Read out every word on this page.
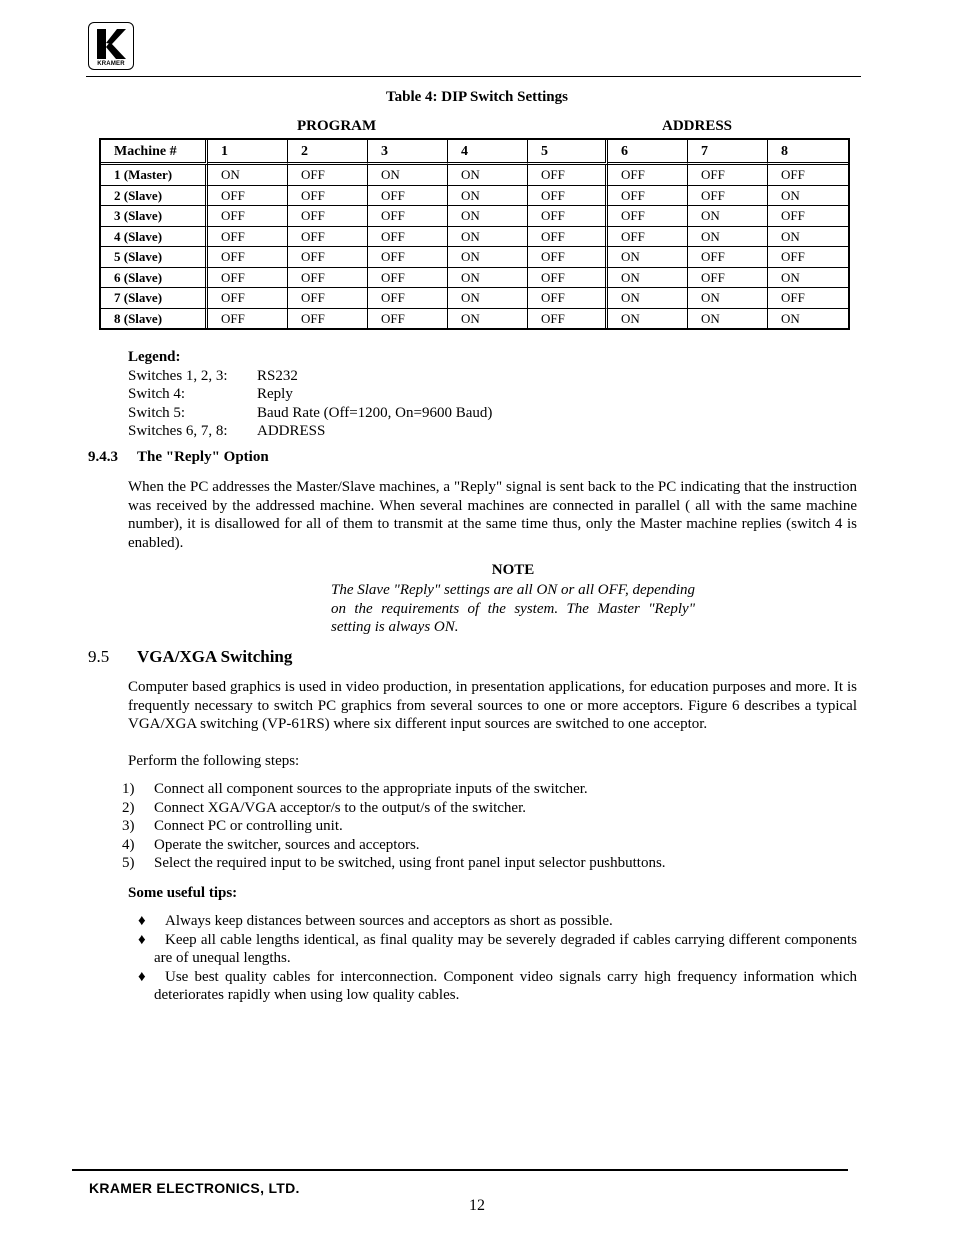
KRAMER
Table 4: DIP Switch Settings
PROGRAM	ADDRESS
Machine #	1	2	3	4	5	6	7	8
1 (Master)	ON	OFF	ON	ON	OFF	OFF	OFF	OFF
2 (Slave)	OFF	OFF	OFF	ON	OFF	OFF	OFF	ON
3 (Slave)	OFF	OFF	OFF	ON	OFF	OFF	ON	OFF
4 (Slave)	OFF	OFF	OFF	ON	OFF	OFF	ON	ON
5 (Slave)	OFF	OFF	OFF	ON	OFF	ON	OFF	OFF
6 (Slave)	OFF	OFF	OFF	ON	OFF	ON	OFF	ON
7 (Slave)	OFF	OFF	OFF	ON	OFF	ON	ON	OFF
8 (Slave)	OFF	OFF	OFF	ON	OFF	ON	ON	ON
Legend:
Switches 1, 2, 3:	RS232
Switch 4:	Reply
Switch 5:	Baud Rate (Off=1200, On=9600 Baud)
Switches 6, 7, 8:	ADDRESS
9.4.3 The "Reply" Option
When the PC addresses the Master/Slave machines, a "Reply" signal is sent back to the PC indicating that the instruction was received by the addressed machine. When several machines are connected in parallel ( all with the same machine number), it is disallowed for all of them to transmit at the same time thus, only the Master machine replies (switch 4 is enabled).
NOTE
The Slave "Reply" settings are all ON or all OFF, depending on the requirements of the system. The Master "Reply" setting is always ON.
9.5 VGA/XGA Switching
Computer based graphics is used in video production, in presentation applications, for education purposes and more. It is frequently necessary to switch PC graphics from several sources to one or more acceptors. Figure 6 describes a typical VGA/XGA switching (VP-61RS) where six different input sources are switched to one acceptor.
Perform the following steps:
1)	Connect all component sources to the appropriate inputs of the switcher.
2)	Connect XGA/VGA acceptor/s to the output/s of the switcher.
3)	Connect PC or controlling unit.
4)	Operate the switcher, sources and acceptors.
5)	Select the required input to be switched, using front panel input selector pushbuttons.
Some useful tips:
♦ Always keep distances between sources and acceptors as short as possible.
♦ Keep all cable lengths identical, as final quality may be severely degraded if cables carrying different components are of unequal lengths.
♦ Use best quality cables for interconnection. Component video signals carry high frequency information which deteriorates rapidly when using low quality cables.
KRAMER ELECTRONICS, LTD.
12
